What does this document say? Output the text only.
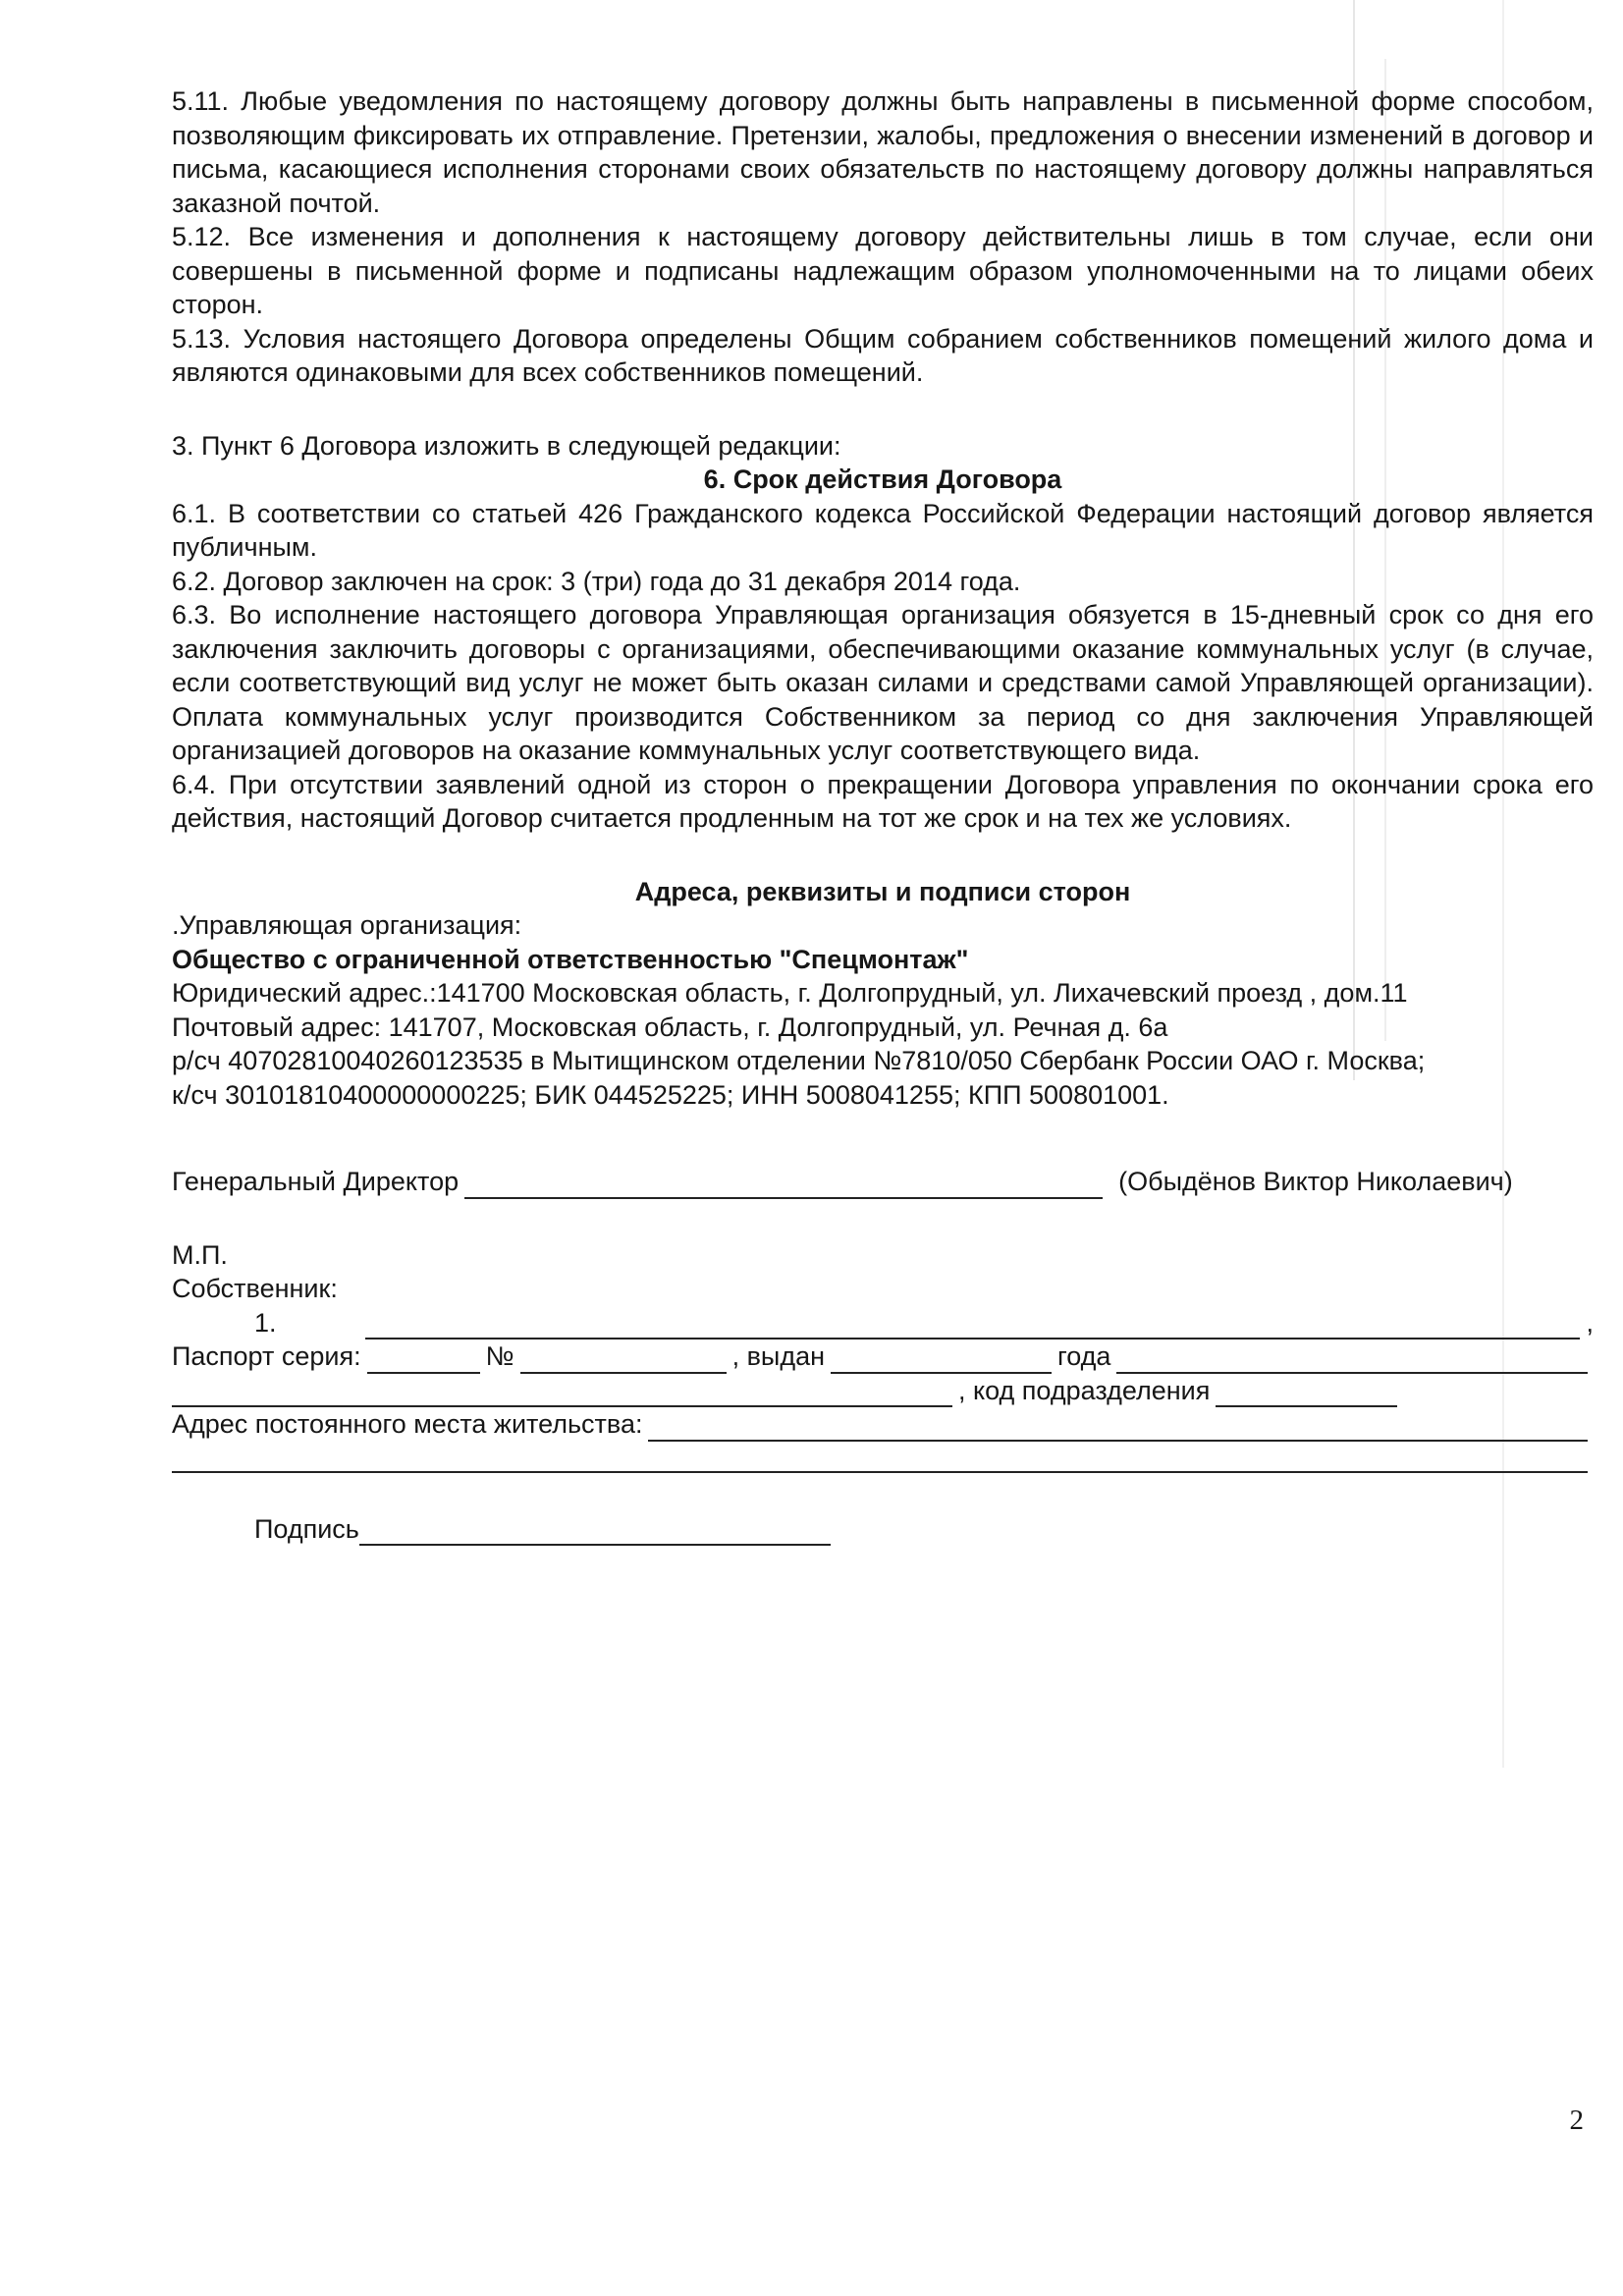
5.11. Любые уведомления по настоящему договору должны быть направлены в письменной форме способом, позволяющим фиксировать их отправление. Претензии, жалобы, предложения о внесении изменений в договор и письма, касающиеся исполнения сторонами своих обязательств по настоящему договору должны направляться заказной почтой.

5.12. Все изменения и дополнения к настоящему договору действительны лишь в том случае, если они совершены в письменной форме и подписаны надлежащим образом уполномоченными на то лицами обеих сторон.

5.13. Условия настоящего Договора определены Общим собранием собственников помещений жилого дома и являются одинаковыми для всех собственников помещений.

3. Пункт 6 Договора изложить в следующей редакции:
6. Срок действия Договора

6.1. В соответствии со статьей 426 Гражданского кодекса Российской Федерации настоящий договор является публичным.

6.2. Договор заключен на срок: 3 (три) года до 31 декабря 2014 года.

6.3. Во исполнение настоящего договора Управляющая организация обязуется в 15-дневный срок со дня его заключения заключить договоры с организациями, обеспечивающими оказание коммунальных услуг (в случае, если соответствующий вид услуг не может быть оказан силами и средствами самой Управляющей организации). Оплата коммунальных услуг производится Собственником за период со дня заключения Управляющей организацией договоров на оказание коммунальных услуг соответствующего вида.

6.4. При отсутствии заявлений одной из сторон о прекращении Договора управления по окончании срока его действия, настоящий Договор считается продленным на тот же срок и на тех же условиях.

Адреса, реквизиты и подписи сторон
.Управляющая организация:
Общество с ограниченной ответственностью "Спецмонтаж"
Юридический адрес.:141700 Московская область, г. Долгопрудный, ул. Лихачевский проезд , дом.11
Почтовый адрес: 141707, Московская область, г. Долгопрудный, ул. Речная д. 6а
р/сч 40702810040260123535 в Мытищинском отделении №7810/050 Сбербанк России ОАО г. Москва;
к/сч 30101810400000000225; БИК 044525225; ИНН 5008041255; КПП 500801001.
Генеральный Директор	(Обыдёнов Виктор Николаевич)
М.П.
Собственник:
1.	,
Паспорт серия:	№	, выдан	года
, код подразделения
Адрес постоянного места жительства:
Подпись
2
